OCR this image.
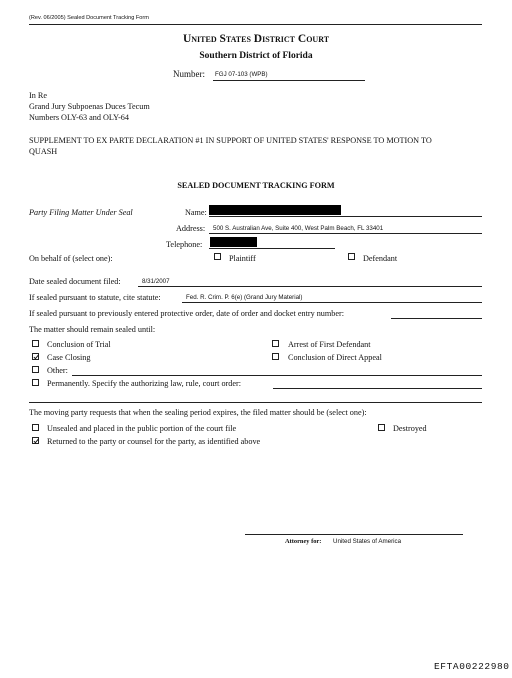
(Rev. 06/2005) Sealed Document Tracking Form
United States District Court
Southern District of Florida
Number: FGJ 07-103 (WPB)
In Re
Grand Jury Subpoenas Duces Tecum
Numbers OLY-63 and OLY-64
SUPPLEMENT TO EX PARTE DECLARATION #1 IN SUPPORT OF UNITED STATES' RESPONSE TO MOTION TO
QUASH
SEALED DOCUMENT TRACKING FORM
Party Filing Matter Under Seal	Name:
Address: 500 S. Australian Ave, Suite 400, West Palm Beach, FL 33401
Telephone:
On behalf of (select one):	Plaintiff	Defendant
Date sealed document filed:	8/31/2007
If sealed pursuant to statute, cite statute:	Fed. R. Crim. P. 6(e) (Grand Jury Material)
If sealed pursuant to previously entered protective order, date of order and docket entry number:
The matter should remain sealed until:
Conclusion of Trial	Arrest of First Defendant
Case Closing	Conclusion of Direct Appeal
Other:
Permanently. Specify the authorizing law, rule, court order:
The moving party requests that when the sealing period expires, the filed matter should be (select one):
Unsealed and placed in the public portion of the court file	Destroyed
Returned to the party or counsel for the party, as identified above
Attorney for: United States of America
EFTA00222980
